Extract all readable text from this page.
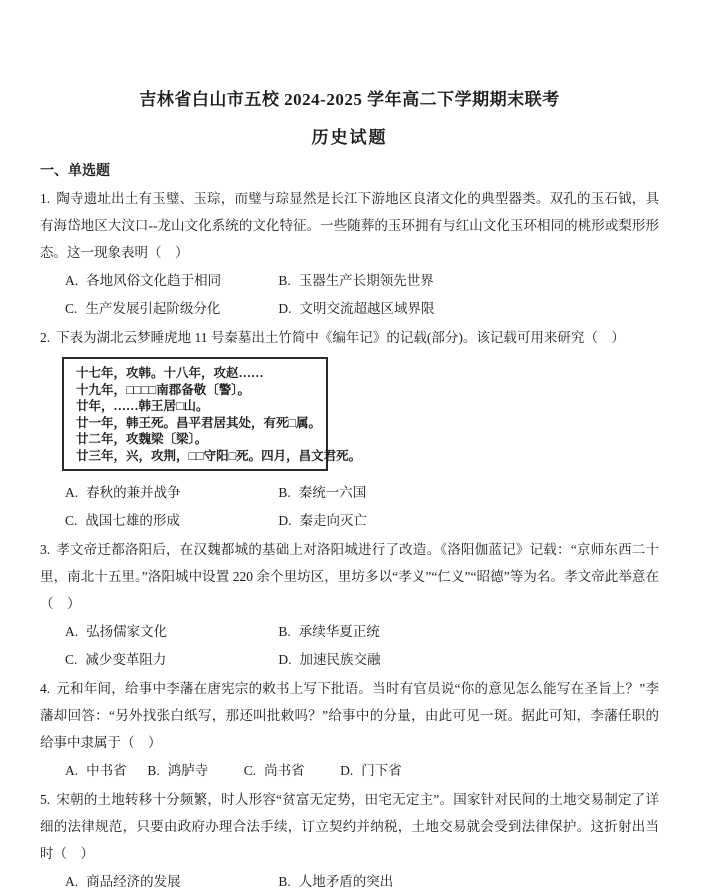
吉林省白山市五校 2024-2025 学年高二下学期期末联考
历史试题
一、单选题

1. 陶寺遗址出土有玉璧、玉琮，而璧与琮显然是长江下游地区良渚文化的典型器类。双孔的玉石钺，具有海岱地区大汶口--龙山文化系统的文化特征。一些随葬的玉环拥有与红山文化玉环相同的桃形或梨形形态。这一现象表明（　）

A. 各地风俗文化趋于相同	B. 玉器生产长期领先世界
C. 生产发展引起阶级分化	D. 文明交流超越区域界限

2. 下表为湖北云梦睡虎地 11 号秦墓出土竹简中《编年记》的记载(部分)。该记载可用来研究（　）

十七年，攻韩。十八年，攻赵……
十九年，□□□□南郡备敬〔警〕。
廿年，……韩王居□山。
廿一年，韩王死。昌平君居其处，有死□属。
廿二年，攻魏梁〔梁〕。
廿三年，兴，攻荆，□□守阳□死。四月，昌文君死。
A. 春秋的兼并战争	B. 秦统一六国
C. 战国七雄的形成	D. 秦走向灭亡

3. 孝文帝迁都洛阳后，在汉魏都城的基础上对洛阳城进行了改造。《洛阳伽蓝记》记载：“京师东西二十里，南北十五里。”洛阳城中设置 220 余个里坊区，里坊多以“孝义”“仁义”“昭德”等为名。孝文帝此举意在（　）

A. 弘扬儒家文化	B. 承续华夏正统
C. 减少变革阻力	D. 加速民族交融

4. 元和年间，给事中李藩在唐宪宗的敕书上写下批语。当时有官员说“你的意见怎么能写在圣旨上？”李藩却回答：“另外找张白纸写，那还叫批敕吗？”给事中的分量，由此可见一斑。据此可知，李藩任职的给事中隶属于（　）

A. 中书省 B. 鸿胪寺	C. 尚书省	D. 门下省

5. 宋朝的土地转移十分频繁，时人形容“贫富无定势，田宅无定主”。国家针对民间的土地交易制定了详细的法律规范，只要由政府办理合法手续，订立契约并纳税，土地交易就会受到法律保护。这折射出当时（　）

A. 商品经济的发展	B. 人地矛盾的突出
